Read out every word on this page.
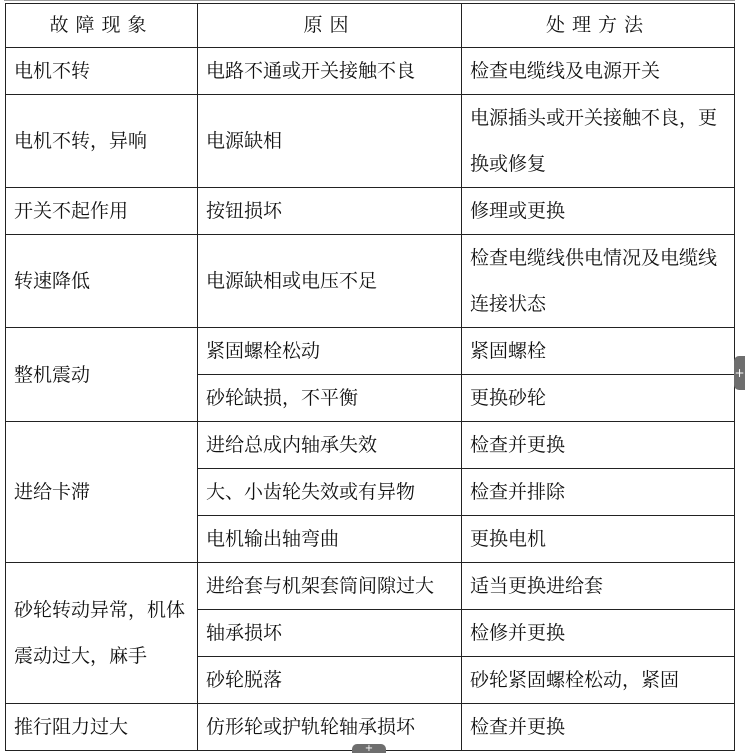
故障现象	原因	处理方法
电机不转	电路不通或开关接触不良	检查电缆线及电源开关
电机不转，异响	电源缺相	电源插头或开关接触不良，更换或修复
开关不起作用	按钮损坏	修理或更换
转速降低	电源缺相或电压不足	检查电缆线供电情况及电缆线连接状态
整机震动	紧固螺栓松动	紧固螺栓
	砂轮缺损，不平衡	更换砂轮
进给卡滞	进给总成内轴承失效	检查并更换
	大、小齿轮失效或有异物	检查并排除
	电机输出轴弯曲	更换电机
砂轮转动异常，机体震动过大，麻手	进给套与机架套筒间隙过大	适当更换进给套
	轴承损坏	检修并更换
	砂轮脱落	砂轮紧固螺栓松动，紧固
推行阻力过大	仿形轮或护轨轮轴承损坏	检查并更换
+
+
